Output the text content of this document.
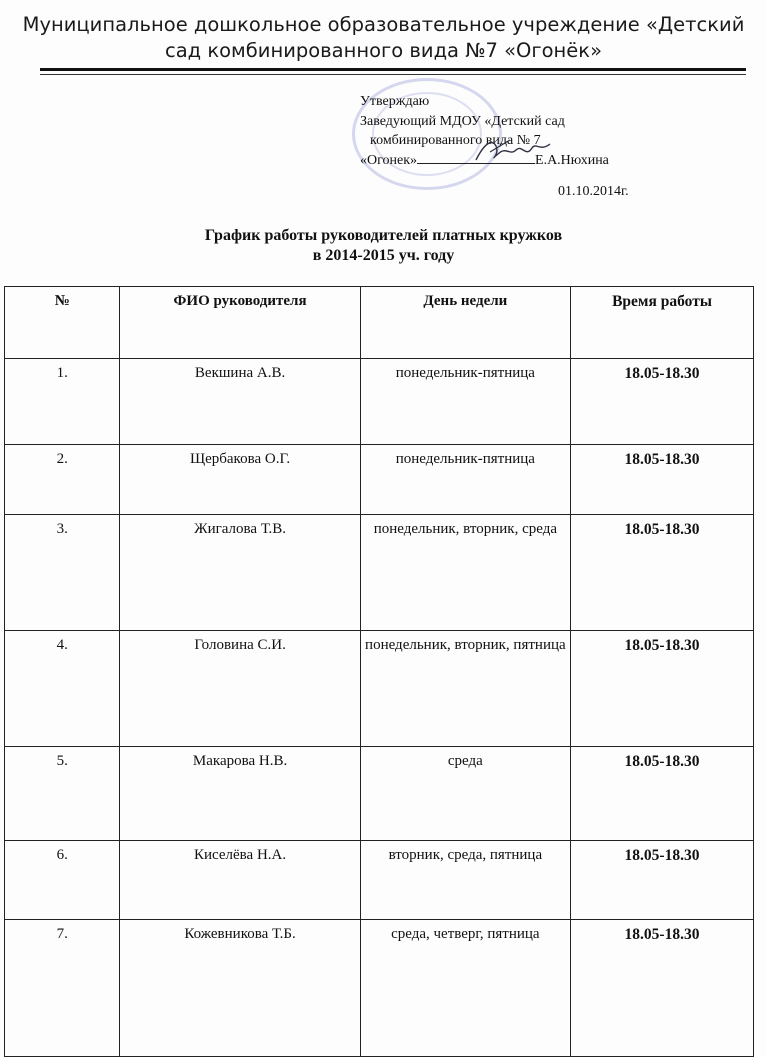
Муниципальное дошкольное образовательное учреждение «Детский
сад комбинированного вида №7 «Огонёк»
Утверждаю
Заведующий МДОУ «Детский сад
комбинированного вида № 7
«Огонек»	Е.А.Нюхина
01.10.2014г.
График работы руководителей платных кружков
в 2014-2015 уч. году
№	ФИО руководителя	День недели	Время работы
1.	Векшина А.В.	понедельник-пятница	18.05-18.30
2.	Щербакова О.Г.	понедельник-пятница	18.05-18.30
3.	Жигалова Т.В.	понедельник, вторник, среда	18.05-18.30
4.	Головина С.И.	понедельник, вторник, пятница	18.05-18.30
5.	Макарова Н.В.	среда	18.05-18.30
6.	Киселёва Н.А.	вторник, среда, пятница	18.05-18.30
7.	Кожевникова Т.Б.	среда, четверг, пятница	18.05-18.30
